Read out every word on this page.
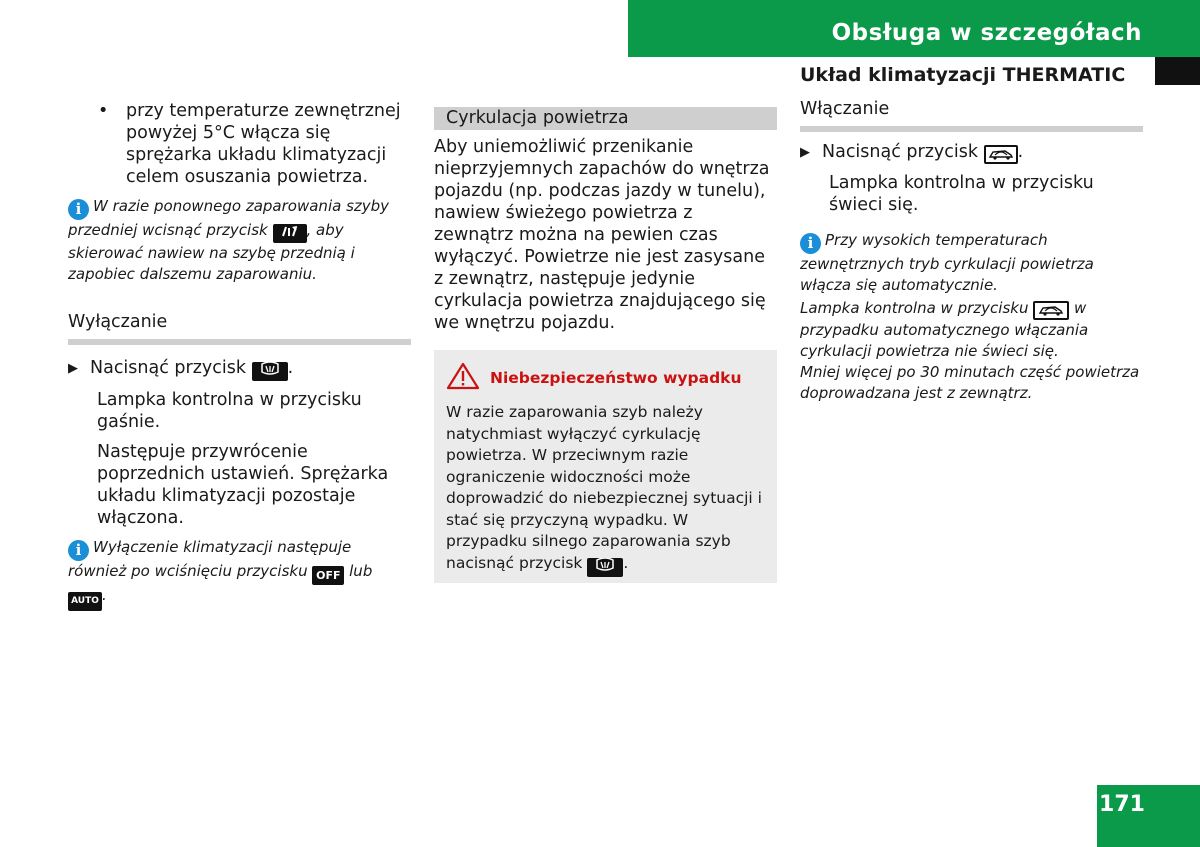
Obsługa w szczegółach
Układ klimatyzacji THERMATIC
• przy temperaturze zewnętrznej powyżej 5°C włącza się sprężarka układu klimatyzacji celem osuszania powietrza.

i W razie ponownego zaparowania szyby przedniej wcisnąć przycisk	, aby skierować nawiew na szybę przednią i zapobiec dalszemu zaparowaniu.

Wyłączanie

▶ Nacisnąć przycisk .

Lampka kontrolna w przycisku gaśnie.

Następuje przywrócenie poprzednich ustawień. Sprężarka układu klimatyzacji pozostaje włączona.

i Wyłączenie klimatyzacji następuje również po wciśnięciu przycisku OFF lub AUTO .

Cyrkulacja powietrza

Aby uniemożliwić przenikanie nieprzyjemnych zapachów do wnętrza pojazdu (np. podczas jazdy w tunelu), nawiew świeżego powietrza z zewnątrz można na pewien czas wyłączyć. Powietrze nie jest zasysane z zewnątrz, następuje jedynie cyrkulacja powietrza znajdującego się we wnętrzu pojazdu.

Niebezpieczeństwo wypadku
W razie zaparowania szyb należy natychmiast wyłączyć cyrkulację powietrza. W przeciwnym razie ograniczenie widoczności może doprowadzić do niebezpiecznej sytuacji i stać się przyczyną wypadku. W przypadku silnego zaparowania szyb nacisnąć przycisk	.
Włączanie

▶ Nacisnąć przycisk .

Lampka kontrolna w przycisku świeci się.

i Przy wysokich temperaturach zewnętrznych tryb cyrkulacji powietrza włącza się automatycznie.

Lampka kontrolna w przycisku	w przypadku automatycznego włączania cyrkulacji powietrza nie świeci się.

Mniej więcej po 30 minutach część powietrza doprowadzana jest z zewnątrz.

171
